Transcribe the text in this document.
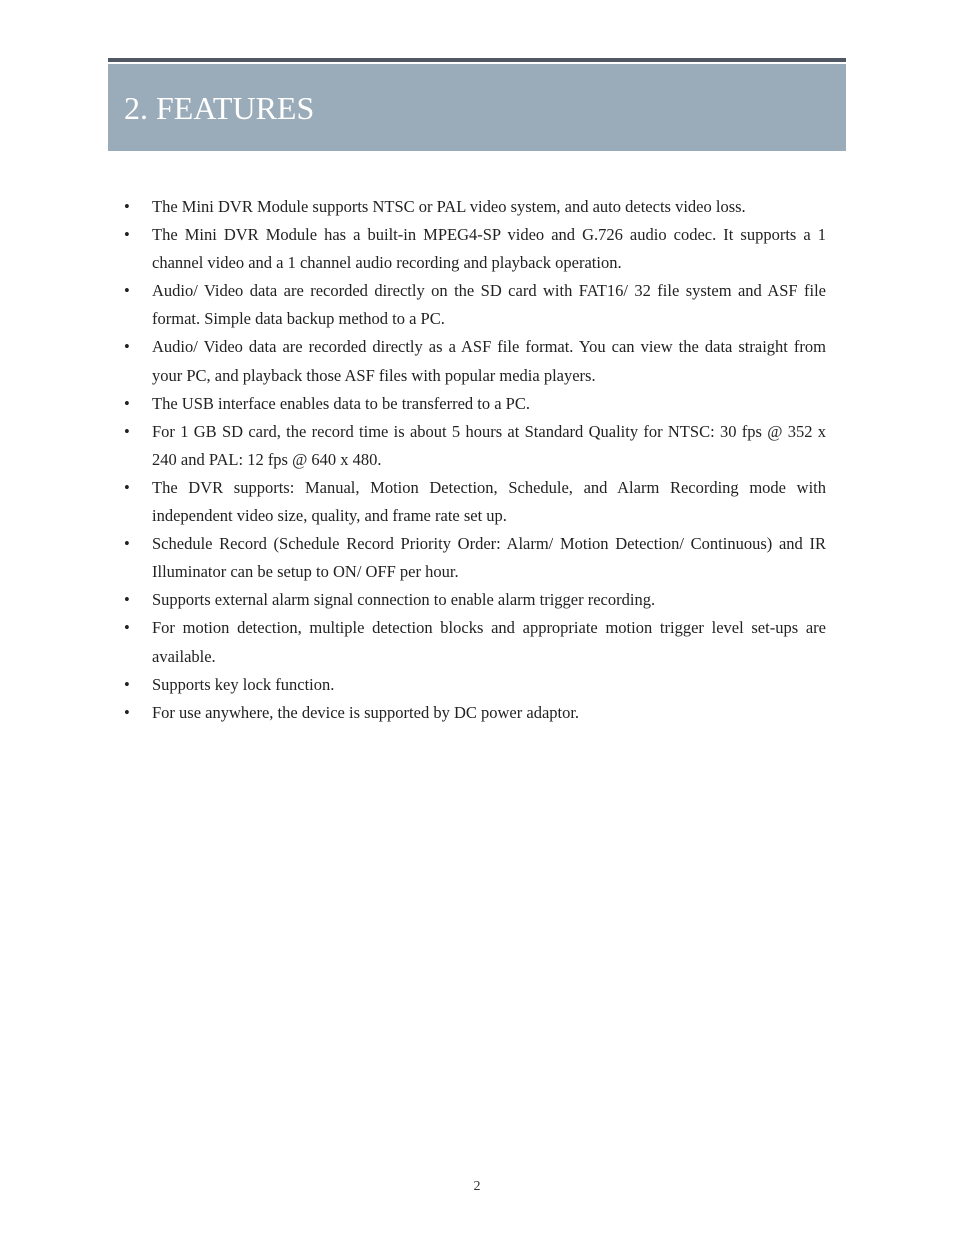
2. FEATURES
• The Mini DVR Module supports NTSC or PAL video system, and auto detects video loss.
• The Mini DVR Module has a built-in MPEG4-SP video and G.726 audio codec. It supports a 1 channel video and a 1 channel audio recording and playback operation.
• Audio/ Video data are recorded directly on the SD card with FAT16/ 32 file system and ASF file format. Simple data backup method to a PC.
• Audio/ Video data are recorded directly as a ASF file format. You can view the data straight from your PC, and playback those ASF files with popular media players.
• The USB interface enables data to be transferred to a PC.
• For 1 GB SD card, the record time is about 5 hours at Standard Quality for NTSC: 30 fps @ 352 x 240 and PAL: 12 fps @ 640 x 480.
• The DVR supports: Manual, Motion Detection, Schedule, and Alarm Recording mode with independent video size, quality, and frame rate set up.
• Schedule Record (Schedule Record Priority Order: Alarm/ Motion Detection/ Continuous) and IR Illuminator can be setup to ON/ OFF per hour.
• Supports external alarm signal connection to enable alarm trigger recording.
• For motion detection, multiple detection blocks and appropriate motion trigger level set-ups are available.
• Supports key lock function.
• For use anywhere, the device is supported by DC power adaptor.
2
